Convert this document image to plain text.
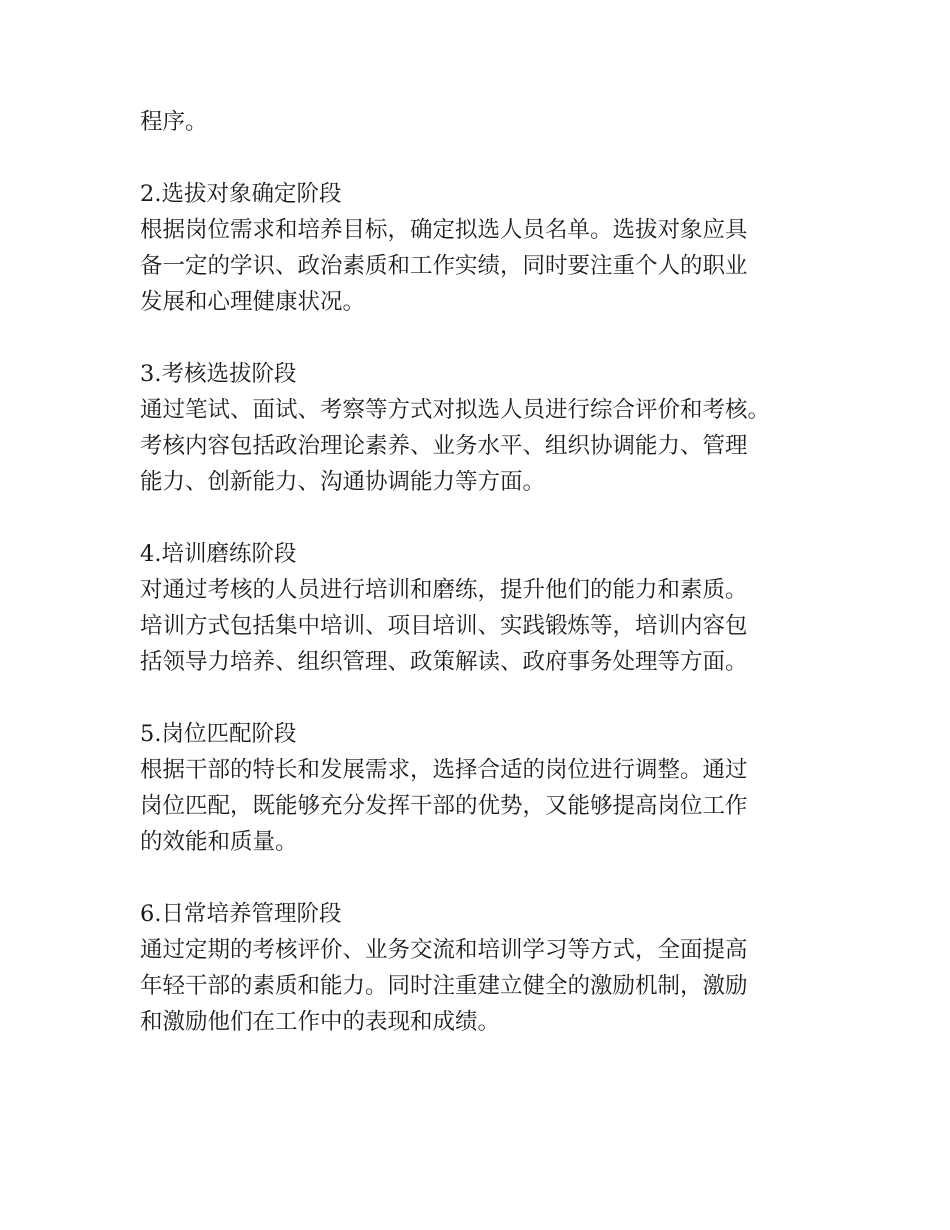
程序。

2.选拔对象确定阶段
根据岗位需求和培养目标，确定拟选人员名单。选拔对象应具
备一定的学识、政治素质和工作实绩，同时要注重个人的职业
发展和心理健康状况。
3.考核选拔阶段
通过笔试、面试、考察等方式对拟选人员进行综合评价和考核。
考核内容包括政治理论素养、业务水平、组织协调能力、管理
能力、创新能力、沟通协调能力等方面。
4.培训磨练阶段
对通过考核的人员进行培训和磨练，提升他们的能力和素质。
培训方式包括集中培训、项目培训、实践锻炼等，培训内容包
括领导力培养、组织管理、政策解读、政府事务处理等方面。
5.岗位匹配阶段
根据干部的特长和发展需求，选择合适的岗位进行调整。通过
岗位匹配，既能够充分发挥干部的优势，又能够提高岗位工作
的效能和质量。
6.日常培养管理阶段
通过定期的考核评价、业务交流和培训学习等方式，全面提高
年轻干部的素质和能力。同时注重建立健全的激励机制，激励
和激励他们在工作中的表现和成绩。
